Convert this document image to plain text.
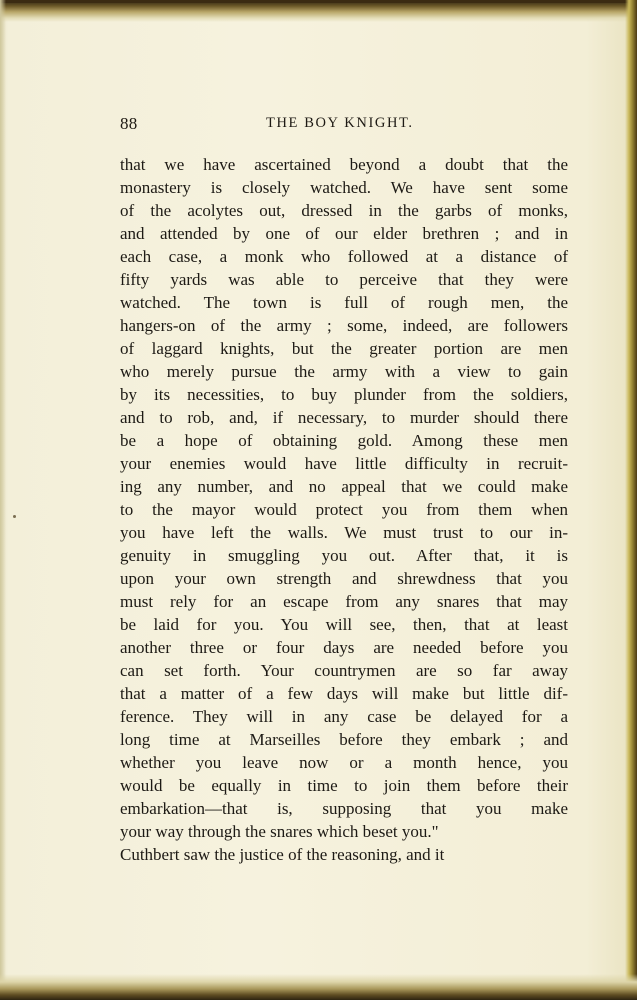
88	THE BOY KNIGHT.
that we have ascertained beyond a doubt that the
monastery is closely watched. We have sent some
of the acolytes out, dressed in the garbs of monks,
and attended by one of our elder brethren ; and in
each case, a monk who followed at a distance of
fifty yards was able to perceive that they were
watched. The town is full of rough men, the
hangers-on of the army ; some, indeed, are followers
of laggard knights, but the greater portion are men
who merely pursue the army with a view to gain
by its necessities, to buy plunder from the soldiers,
and to rob, and, if necessary, to murder should there
be a hope of obtaining gold. Among these men
your enemies would have little difficulty in recruit-
ing any number, and no appeal that we could make
to the mayor would protect you from them when
you have left the walls. We must trust to our in-
genuity in smuggling you out. After that, it is
upon your own strength and shrewdness that you
must rely for an escape from any snares that may
be laid for you. You will see, then, that at least
another three or four days are needed before you
can set forth. Your countrymen are so far away
that a matter of a few days will make but little dif-
ference. They will in any case be delayed for a
long time at Marseilles before they embark ; and
whether you leave now or a month hence, you
would be equally in time to join them before their
embarkation—that is, supposing that you make
your way through the snares which beset you."
Cuthbert saw the justice of the reasoning, and it
